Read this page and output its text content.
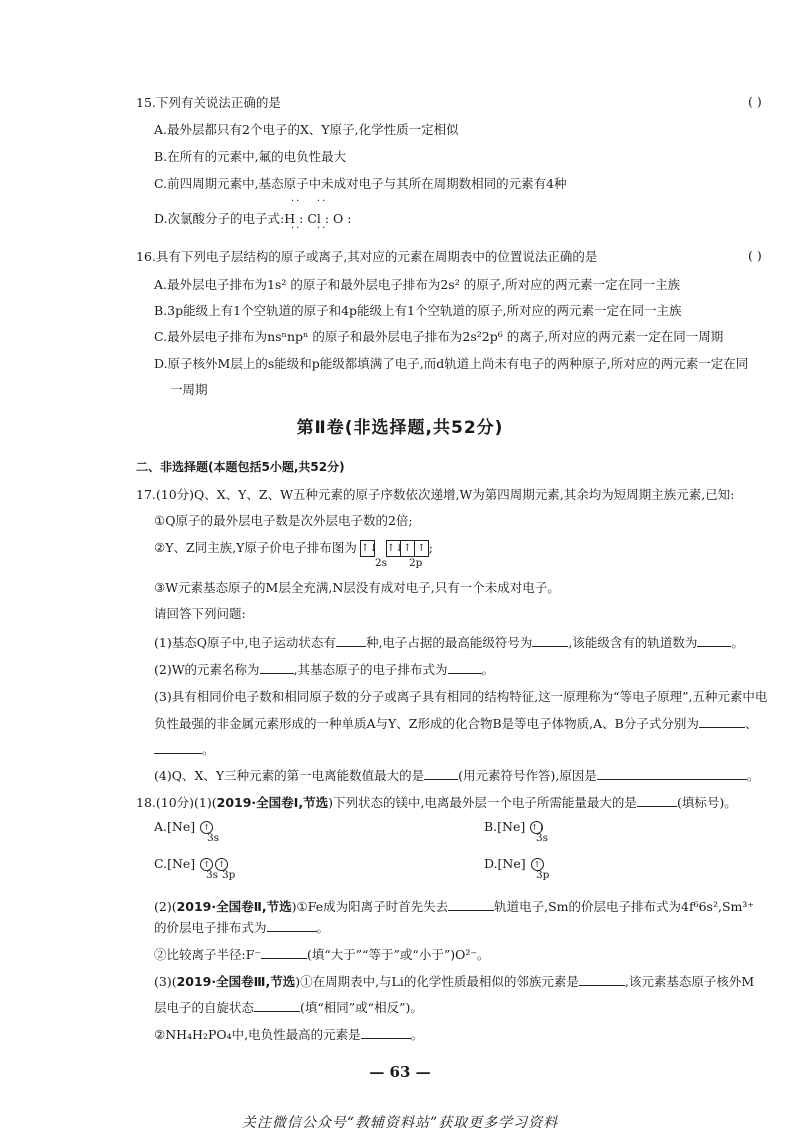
15.下列有关说法正确的是	( )
A.最外层都只有2个电子的X、Y原子,化学性质一定相似
B.在所有的元素中,氟的电负性最大
C.前四周期元素中,基态原子中未成对电子与其所在周期数相同的元素有4种
··   ··
D.次氯酸分子的电子式:H : Cl : O :
··   ··
16.具有下列电子层结构的原子或离子,其对应的元素在周期表中的位置说法正确的是	( )
A.最外层电子排布为1s² 的原子和最外层电子排布为2s² 的原子,所对应的两元素一定在同一主族
B.3p能级上有1个空轨道的原子和4p能级上有1个空轨道的原子,所对应的两元素一定在同一主族
C.最外层电子排布为nsⁿnpⁿ 的原子和最外层电子排布为2s²2p⁶ 的离子,所对应的两元素一定在同一周期
D.原子核外M层上的s能级和p能级都填满了电子,而d轨道上尚未有电子的两种原子,所对应的两元素一定在同
一周期
第Ⅱ卷(非选择题,共52分)
二、非选择题(本题包括5小题,共52分)
17.(10分)Q、X、Y、Z、W五种元素的原子序数依次递增,W为第四周期元素,其余均为短周期主族元素,已知:
①Q原子的最外层电子数是次外层电子数的2倍;
②Y、Z同主族,Y原子价电子排布图为 ↑↓ ↑↓↑ ↑ ;
2s 2p
③W元素基态原子的M层全充满,N层没有成对电子,只有一个未成对电子。
请回答下列问题:
(1)基态Q原子中,电子运动状态有 种,电子占据的最高能级符号为	,该能级含有的轨道数为	。
(2)W的元素名称为	,其基态原子的电子排布式为	。
(3)具有相同价电子数和相同原子数的分子或离子具有相同的结构特征,这一原理称为“等电子原理”,五种元素中电
负性最强的非金属元素形成的一种单质A与Y、Z形成的化合物B是等电子体物质,A、B分子式分别为	、
。
(4)Q、X、Y三种元素的第一电离能数值最大的是	(用元素符号作答),原因是	。
18.(10分)(1)(2019·全国卷Ⅰ,节选)下列状态的镁中,电离最外层一个电子所需能量最大的是	(填标号)。
A.[Ne] ↑
3s
B.[Ne] ↑↓
3s
C.[Ne] ↑ ↑
3s 3p
D.[Ne] ↑
3p
(2)(2019·全国卷Ⅱ,节选)①Fe成为阳离子时首先失去	轨道电子,Sm的价层电子排布式为4f⁶6s²,Sm³⁺
的价层电子排布式为	。
②比较离子半径:F⁻	(填“大于”“等于”或“小于”)O²⁻。
(3)(2019·全国卷Ⅲ,节选)①在周期表中,与Li的化学性质最相似的邻族元素是	,该元素基态原子核外M
层电子的自旋状态	(填“相同”或“相反”)。
②NH₄H₂PO₄中,电负性最高的元素是	。
— 63 —
关注微信公众号“教辅资料站”获取更多学习资料
